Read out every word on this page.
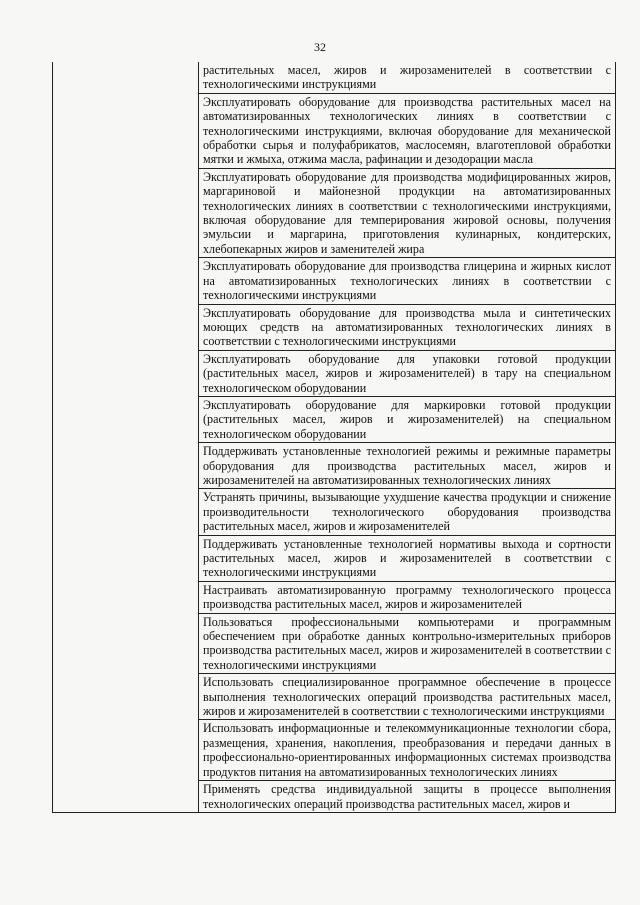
32
растительных масел, жиров и жирозаменителей в соответствии с технологическими инструкциями
Эксплуатировать оборудование для производства растительных масел на автоматизированных технологических линиях в соответствии с технологическими инструкциями, включая оборудование для механической обработки сырья и полуфабрикатов, маслосемян, влаготепловой обработки мятки и жмыха, отжима масла, рафинации и дезодорации масла
Эксплуатировать оборудование для производства модифицированных жиров, маргариновой и майонезной продукции на автоматизированных технологических линиях в соответствии с технологическими инструкциями, включая оборудование для темперирования жировой основы, получения эмульсии и маргарина, приготовления кулинарных, кондитерских, хлебопекарных жиров и заменителей жира
Эксплуатировать оборудование для производства глицерина и жирных кислот на автоматизированных технологических линиях в соответствии с технологическими инструкциями
Эксплуатировать оборудование для производства мыла и синтетических моющих средств на автоматизированных технологических линиях в соответствии с технологическими инструкциями
Эксплуатировать оборудование для упаковки готовой продукции (растительных масел, жиров и жирозаменителей) в тару на специальном технологическом оборудовании
Эксплуатировать оборудование для маркировки готовой продукции (растительных масел, жиров и жирозаменителей) на специальном технологическом оборудовании
Поддерживать установленные технологией режимы и режимные параметры оборудования для производства растительных масел, жиров и жирозаменителей на автоматизированных технологических линиях
Устранять причины, вызывающие ухудшение качества продукции и снижение производительности технологического оборудования производства растительных масел, жиров и жирозаменителей
Поддерживать установленные технологией нормативы выхода и сортности растительных масел, жиров и жирозаменителей в соответствии с технологическими инструкциями
Настраивать автоматизированную программу технологического процесса производства растительных масел, жиров и жирозаменителей
Пользоваться профессиональными компьютерами и программным обеспечением при обработке данных контрольно-измерительных приборов производства растительных масел, жиров и жирозаменителей в соответствии с технологическими инструкциями
Использовать специализированное программное обеспечение в процессе выполнения технологических операций производства растительных масел, жиров и жирозаменителей в соответствии с технологическими инструкциями
Использовать информационные и телекоммуникационные технологии сбора, размещения, хранения, накопления, преобразования и передачи данных в профессионально-ориентированных информационных системах производства продуктов питания на автоматизированных технологических линиях
Применять средства индивидуальной защиты в процессе выполнения технологических операций производства растительных масел, жиров и
